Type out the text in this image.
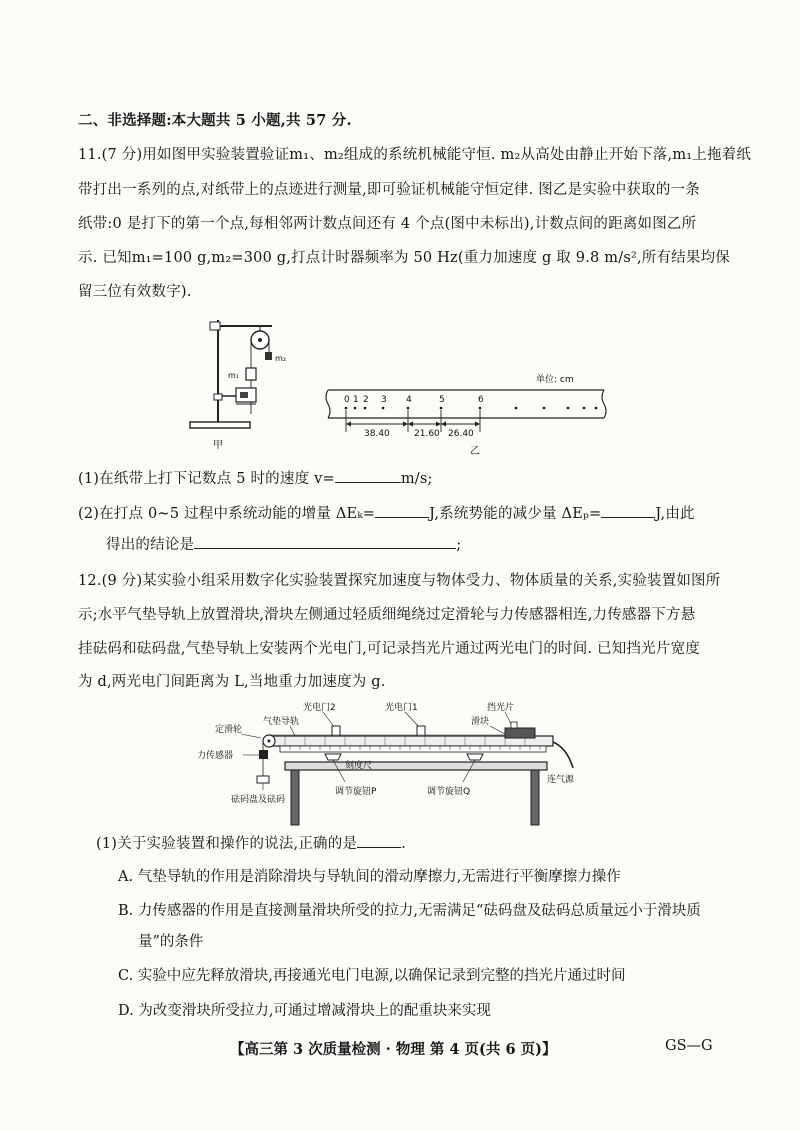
二、非选择题:本大题共 5 小题,共 57 分.
11.(7 分)用如图甲实验装置验证m₁、m₂组成的系统机械能守恒. m₂从高处由静止开始下落,m₁上拖着纸
带打出一系列的点,对纸带上的点迹进行测量,即可验证机械能守恒定律. 图乙是实验中获取的一条
纸带:0 是打下的第一个点,每相邻两计数点间还有 4 个点(图中未标出),计数点间的距离如图乙所
示. 已知m₁=100 g,m₂=300 g,打点计时器频率为 50 Hz(重力加速度 g 取 9.8 m/s²,所有结果均保
留三位有效数字).
m₂
m₁
甲
单位: cm
0 1 2 3 4	5	6
38.40	21.60 26.40
乙
(1)在纸带上打下记数点 5 时的速度 v=	m/s;
(2)在打点 0~5 过程中系统动能的增量 ΔEₖ=	J,系统势能的减少量 ΔEₚ=	J,由此
得出的结论是	;
12.(9 分)某实验小组采用数字化实验装置探究加速度与物体受力、物体质量的关系,实验装置如图所
示;水平气垫导轨上放置滑块,滑块左侧通过轻质细绳绕过定滑轮与力传感器相连,力传感器下方悬
挂砝码和砝码盘,气垫导轨上安装两个光电门,可记录挡光片通过两光电门的时间. 已知挡光片宽度
为 d,两光电门间距离为 L,当地重力加速度为 g.
光电门2	光电门1	挡光片
气垫导轨	滑块
定滑轮
力传感器
砝码盘及砝码
连气源
刻度尺
调节旋钮P	调节旋钮Q
(1)关于实验装置和操作的说法,正确的是	.
A. 气垫导轨的作用是消除滑块与导轨间的滑动摩擦力,无需进行平衡摩擦力操作
B. 力传感器的作用是直接测量滑块所受的拉力,无需满足“砝码盘及砝码总质量远小于滑块质
量”的条件
C. 实验中应先释放滑块,再接通光电门电源,以确保记录到完整的挡光片通过时间
D. 为改变滑块所受拉力,可通过增减滑块上的配重块来实现
【高三第 3 次质量检测 · 物理 第 4 页(共 6 页)】	GS—G
